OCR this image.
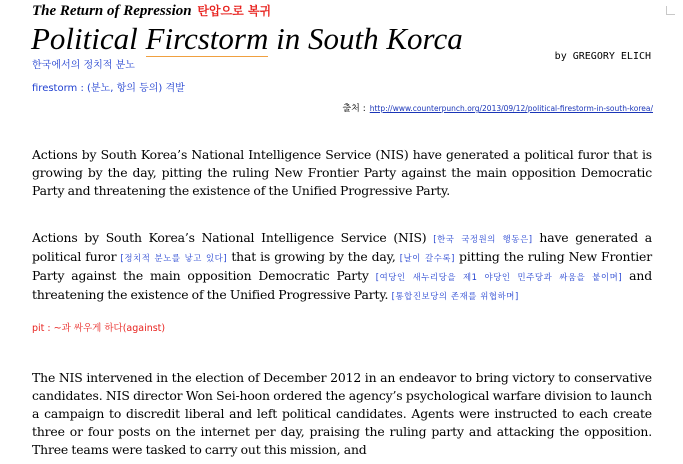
The Return of Repression 탄압으로 복귀
Political Fircstorm in South Korca
by GREGORY ELICH
한국에서의 정치적 분노
firestorm : (분노, 항의 등의) 격발
출처 : http://www.counterpunch.org/2013/09/12/political-firestorm-in-south-korea/
Actions by South Korea’s National Intelligence Service (NIS) have generated a political furor that is growing by the day, pitting the ruling New Frontier Party against the main opposition Democratic Party and threatening the existence of the Unified Progressive Party.
Actions by South Korea’s National Intelligence Service (NIS) [한국 국정원의 행동은] have generated a political furor [정치적 분노를 낳고 있다] that is growing by the day, [날이 갈수록] pitting the ruling New Frontier Party against the main opposition Democratic Party [여당인 새누리당을 제1 야당인 민주당과 싸움을 붙이며] and threatening the existence of the Unified Progressive Party. [통합진보당의 존재를 위협하며]
pit : ~과 싸우게 하다(against)
The NIS intervened in the election of December 2012 in an endeavor to bring victory to conservative candidates. NIS director Won Sei-hoon ordered the agency’s psychological warfare division to launch a campaign to discredit liberal and left political candidates. Agents were instructed to each create three or four posts on the internet per day, praising the ruling party and attacking the opposition. Three teams were tasked to carry out this mission, and
